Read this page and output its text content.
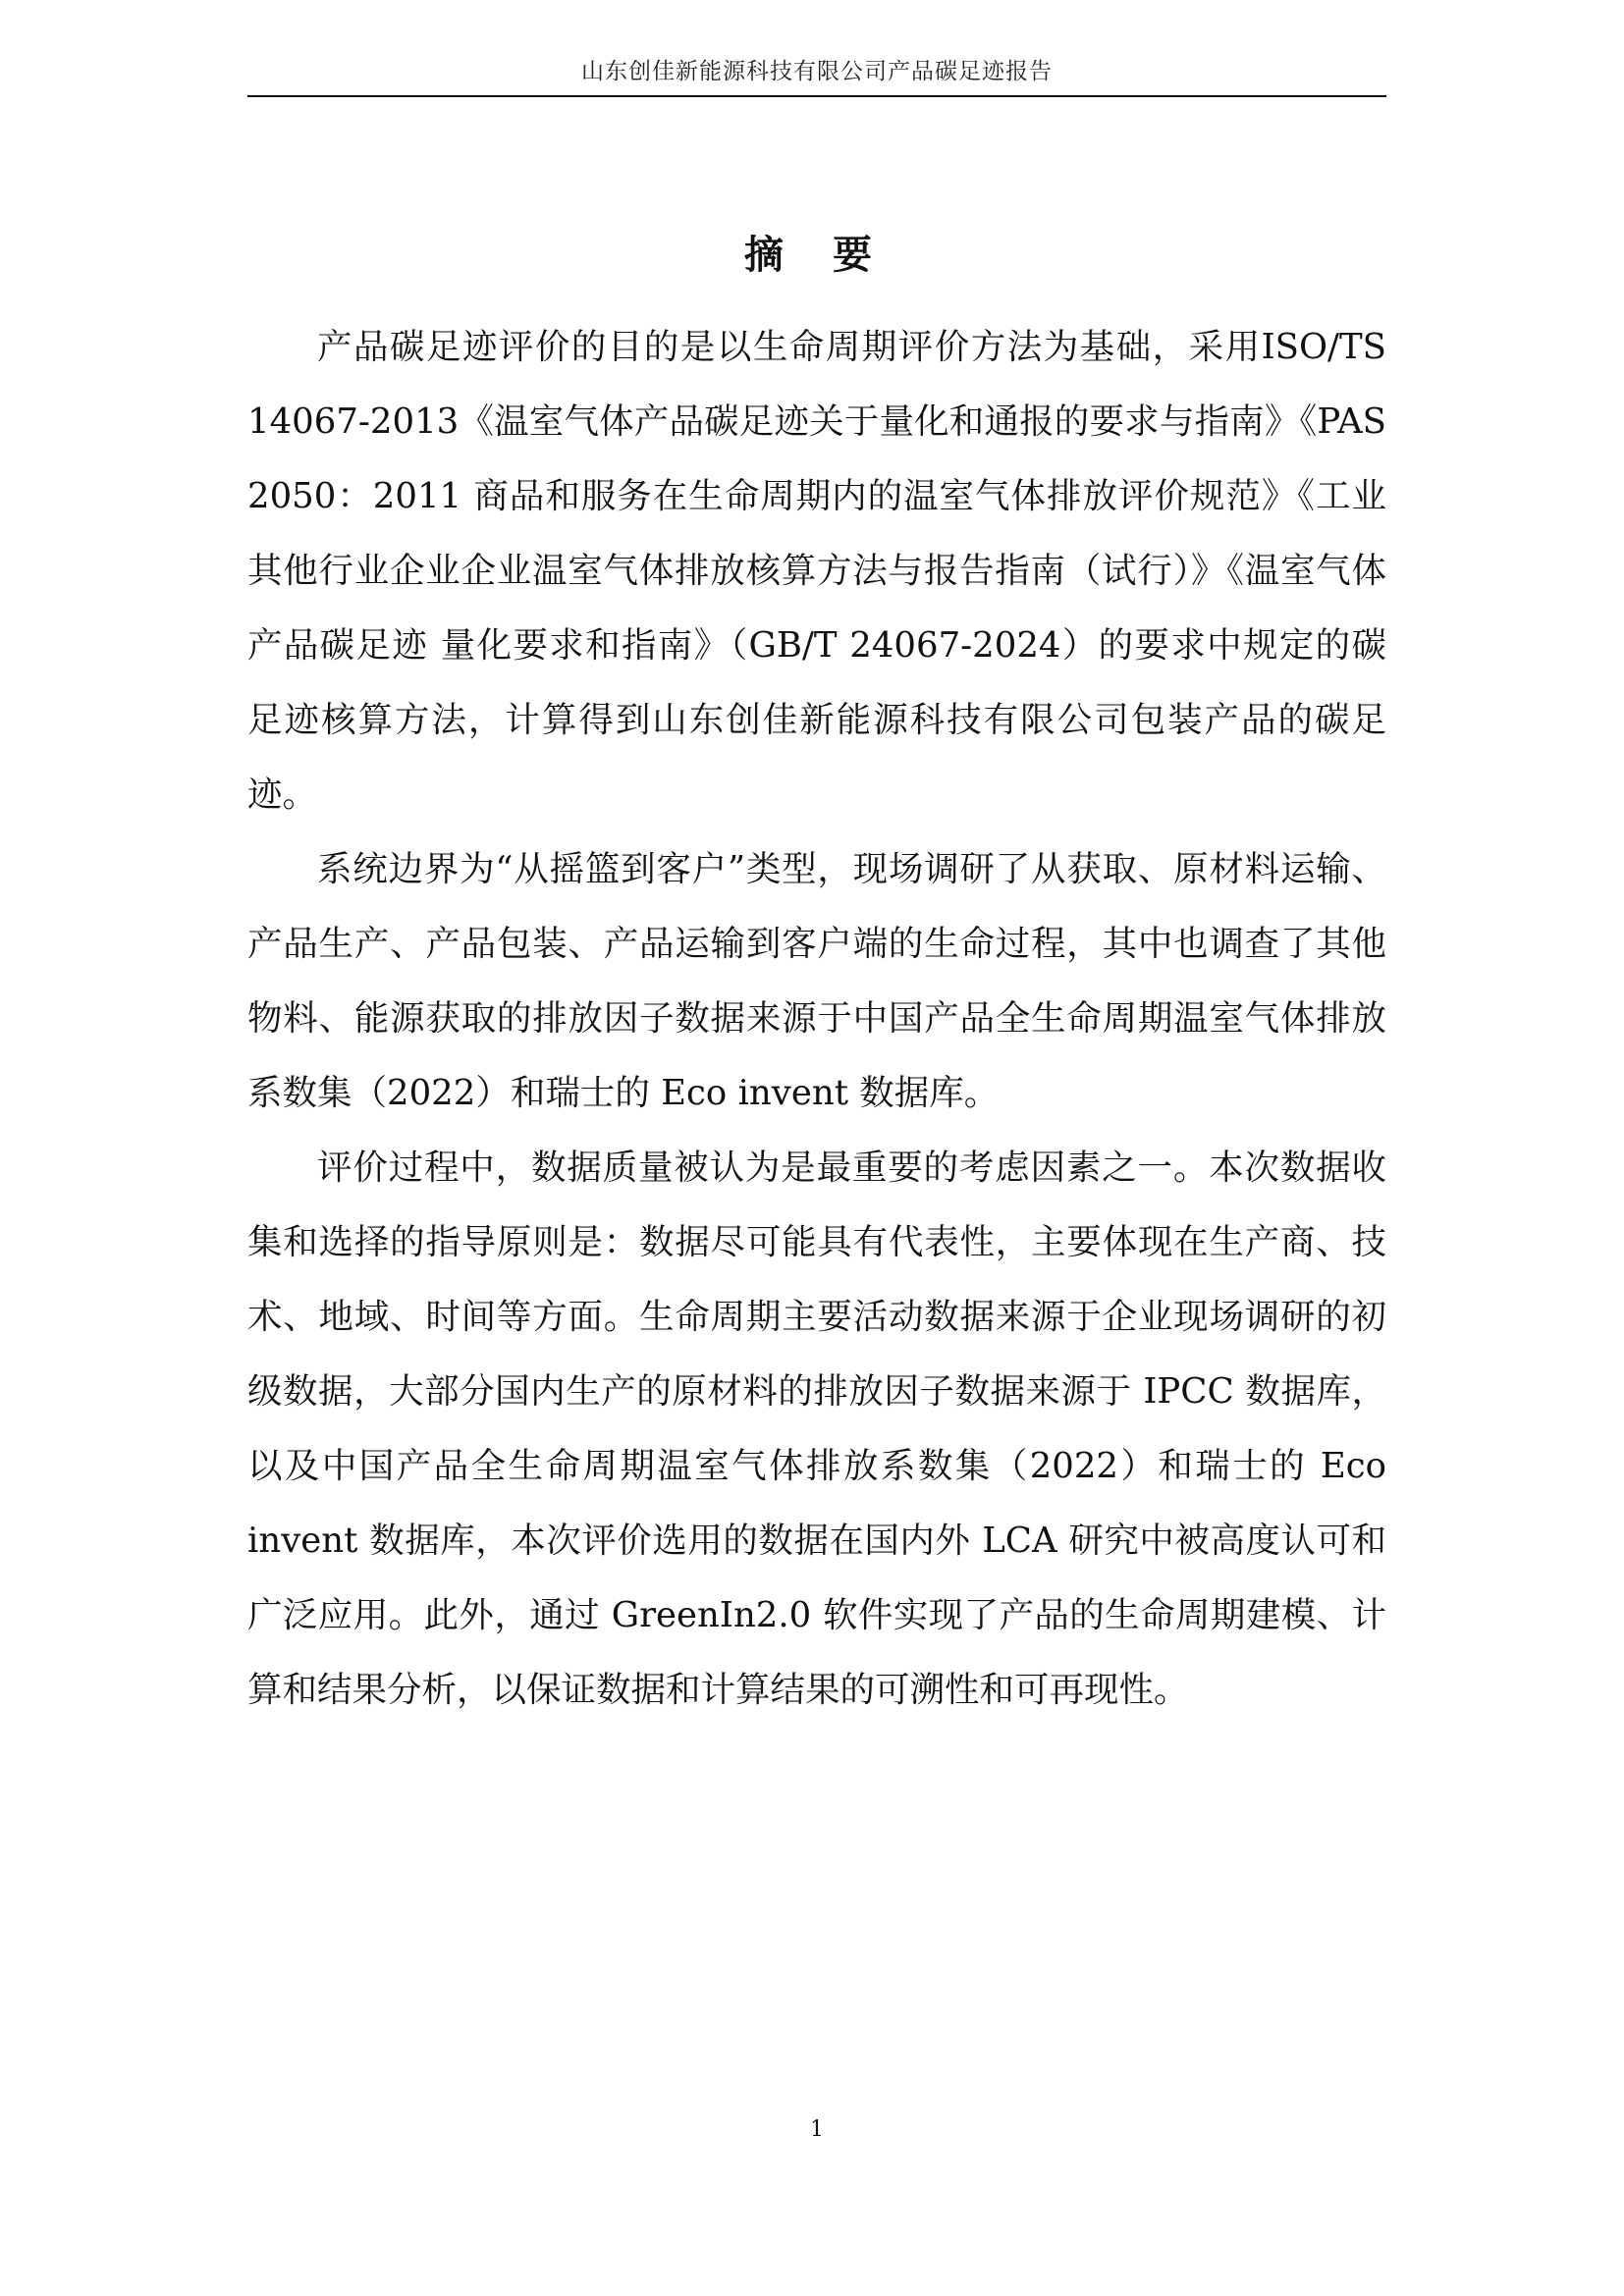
山东创佳新能源科技有限公司产品碳足迹报告
摘 要

产品碳足迹评价的目的是以生命周期评价方法为基础，采用ISO/TS 14067-2013《温室气体产品碳足迹关于量化和通报的要求与指南》《PAS 2050：2011 商品和服务在生命周期内的温室气体排放评价规范》《工业其他行业企业企业温室气体排放核算方法与报告指南（试行）》《温室气体 产品碳足迹 量化要求和指南》（GB/T 24067-2024）的要求中规定的碳足迹核算方法，计算得到山东创佳新能源科技有限公司包装产品的碳足迹。

系统边界为“从摇篮到客户”类型，现场调研了从获取、原材料运输、产品生产、产品包装、产品运输到客户端的生命过程，其中也调查了其他物料、能源获取的排放因子数据来源于中国产品全生命周期温室气体排放系数集（2022）和瑞士的 Eco invent 数据库。

评价过程中，数据质量被认为是最重要的考虑因素之一。本次数据收集和选择的指导原则是：数据尽可能具有代表性，主要体现在生产商、技术、地域、时间等方面。生命周期主要活动数据来源于企业现场调研的初级数据，大部分国内生产的原材料的排放因子数据来源于 IPCC 数据库，以及中国产品全生命周期温室气体排放系数集（2022）和瑞士的 Eco invent 数据库，本次评价选用的数据在国内外 LCA 研究中被高度认可和广泛应用。此外，通过 GreenIn2.0 软件实现了产品的生命周期建模、计算和结果分析，以保证数据和计算结果的可溯性和可再现性。

1
